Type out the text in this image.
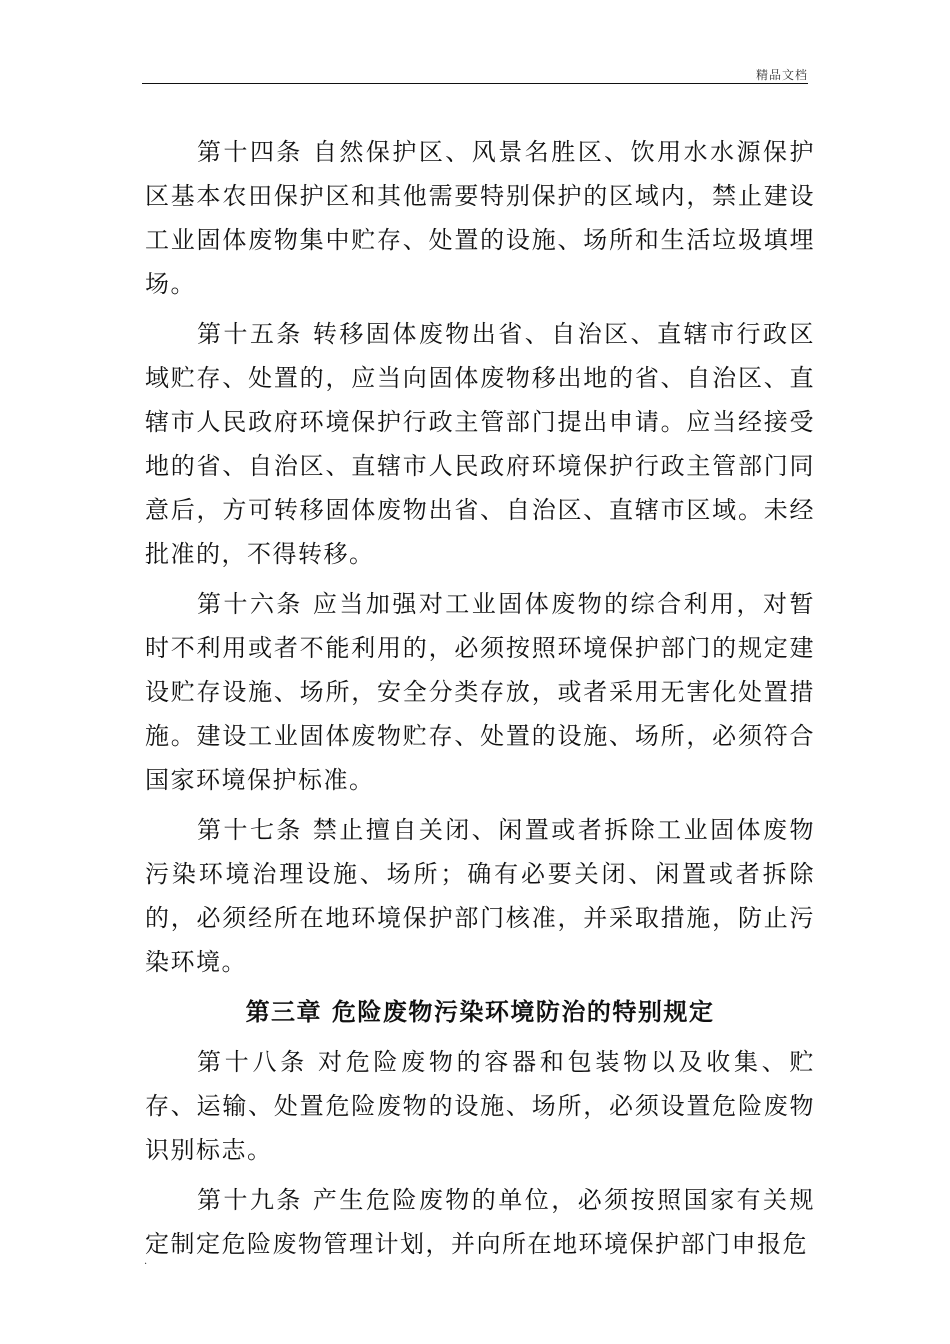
精品文档

第十四条 自然保护区、风景名胜区、饮用水水源保护区基本农田保护区和其他需要特别保护的区域内，禁止建设工业固体废物集中贮存、处置的设施、场所和生活垃圾填埋场。

第十五条 转移固体废物出省、自治区、直辖市行政区域贮存、处置的，应当向固体废物移出地的省、自治区、直辖市人民政府环境保护行政主管部门提出申请。应当经接受地的省、自治区、直辖市人民政府环境保护行政主管部门同意后，方可转移固体废物出省、自治区、直辖市区域。未经批准的，不得转移。

第十六条 应当加强对工业固体废物的综合利用，对暂时不利用或者不能利用的，必须按照环境保护部门的规定建设贮存设施、场所，安全分类存放，或者采用无害化处置措施。建设工业固体废物贮存、处置的设施、场所，必须符合国家环境保护标准。

第十七条 禁止擅自关闭、闲置或者拆除工业固体废物污染环境治理设施、场所；确有必要关闭、闲置或者拆除的，必须经所在地环境保护部门核准，并采取措施，防止污染环境。

第三章 危险废物污染环境防治的特别规定

第十八条 对危险废物的容器和包装物以及收集、贮存、运输、处置危险废物的设施、场所，必须设置危险废物识别标志。

第十九条 产生危险废物的单位，必须按照国家有关规定制定危险废物管理计划，并向所在地环境保护部门申报危

.
